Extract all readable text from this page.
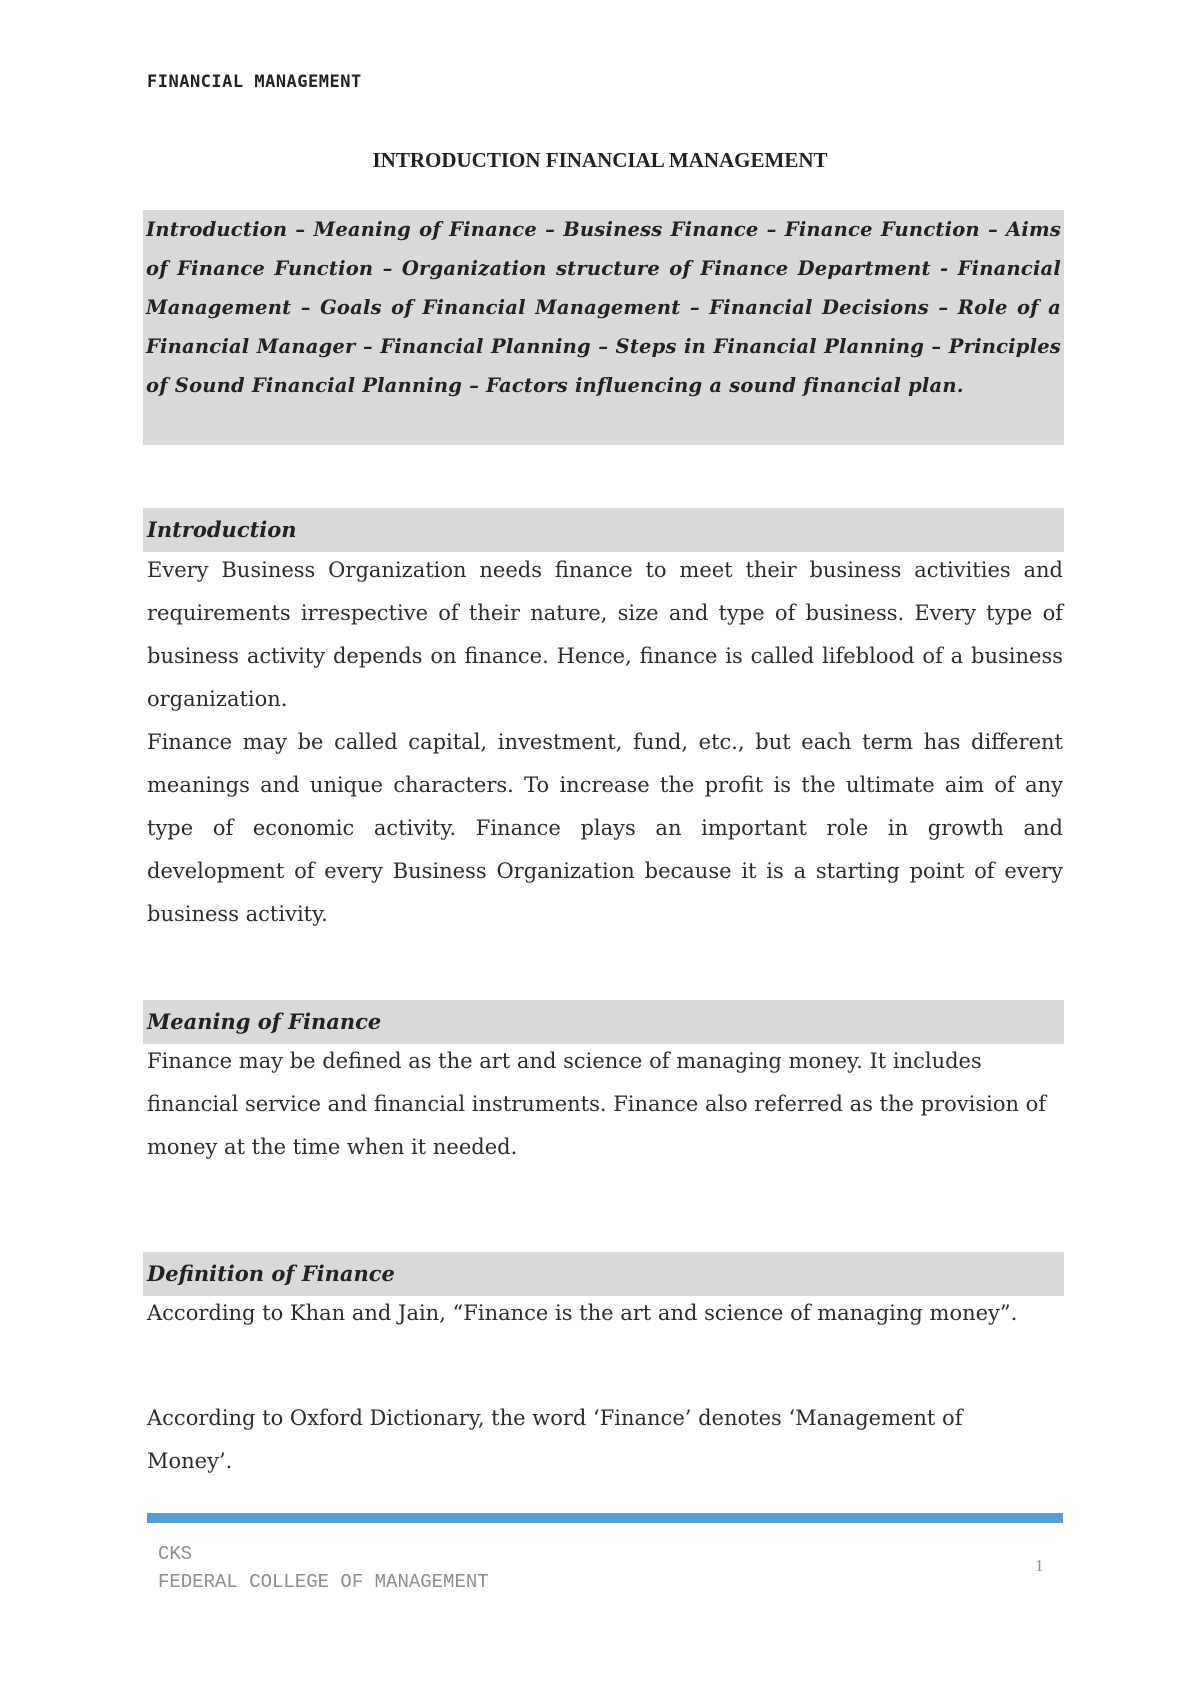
FINANCIAL MANAGEMENT
INTRODUCTION FINANCIAL MANAGEMENT

Introduction – Meaning of Finance – Business Finance – Finance Function – Aims of Finance Function – Organization structure of Finance Department - Financial Management – Goals of Financial Management – Financial Decisions – Role of a Financial Manager – Financial Planning – Steps in Financial Planning – Principles of Sound Financial Planning – Factors influencing a sound financial plan.

Introduction

Every Business Organization needs finance to meet their business activities and requirements irrespective of their nature, size and type of business. Every type of business activity depends on finance. Hence, finance is called lifeblood of a business organization.

Finance may be called capital, investment, fund, etc., but each term has different meanings and unique characters. To increase the profit is the ultimate aim of any type of economic activity. Finance plays an important role in growth and development of every Business Organization because it is a starting point of every business activity.

Meaning of Finance

Finance may be defined as the art and science of managing money. It includes financial service and financial instruments. Finance also referred as the provision of money at the time when it needed.

Definition of Finance

According to Khan and Jain, “Finance is the art and science of managing money”.

According to Oxford Dictionary, the word ‘Finance’ denotes ‘Management of Money’.

CKS
FEDERAL COLLEGE OF MANAGEMENT
1
